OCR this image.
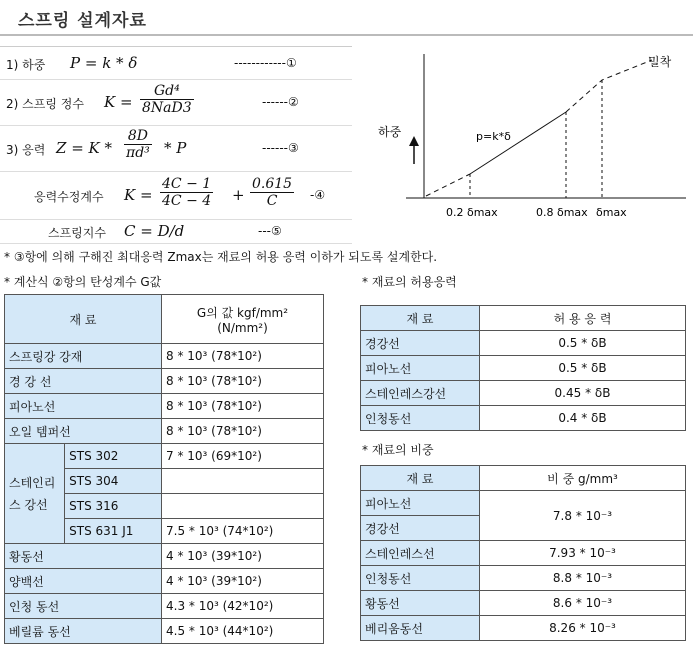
스프링 설계자료
1) 하중 P = k * δ	------------①
2) 스프링 정수 K =
Gd⁴
8NaD3	------②
3) 응력 $Z = K * \frac{8D}{\text{πd³}} * P$	------③
응력수정계수 $K = \frac{4C - 1}{4C - 4} + \frac{0.615}{C}$ -④
스프링지수 C = D/d	---⑤
하중
밀착
p=k*δ
0.2 δmax	0.8 δmax δmax
* ③항에 의해 구해진 최대응력 Zmax는 재료의 허용 응력 이하가 되도록 설계한다.
* 계산식 ②항의 탄성계수 G값
재 료		G의 값 kgf/mm²
(N/mm²)

스프링강 강재		8 * 10³ (78*10²)
경 강 선		8 * 10³ (78*10²)
피아노선		8 * 10³ (78*10²)
오일 템퍼선		8 * 10³ (78*10²)
스테인리스 강선	STS 302	7 * 10³ (69*10²)
	STS 304	
	STS 316	
	STS 631 J1	7.5 * 10³ (74*10²)
황동선		4 * 10³ (39*10²)
양백선		4 * 10³ (39*10²)
인청 동선		4.3 * 10³ (42*10²)
베릴륨 동선		4.5 * 10³ (44*10²)
* 재료의 허용응력
재 료	허 용 응 력
경강선	0.5 * δB
피아노선	0.5 * δB
스테인레스강선	0.45 * δB
인청동선	0.4 * δB
* 재료의 비중
재 료	비 중 g/mm³
피아노선	7.8 * 10⁻³
경강선	
스테인레스선	7.93 * 10⁻³
인청동선	8.8 * 10⁻³
황동선	8.6 * 10⁻³
베리움동선	8.26 * 10⁻³
